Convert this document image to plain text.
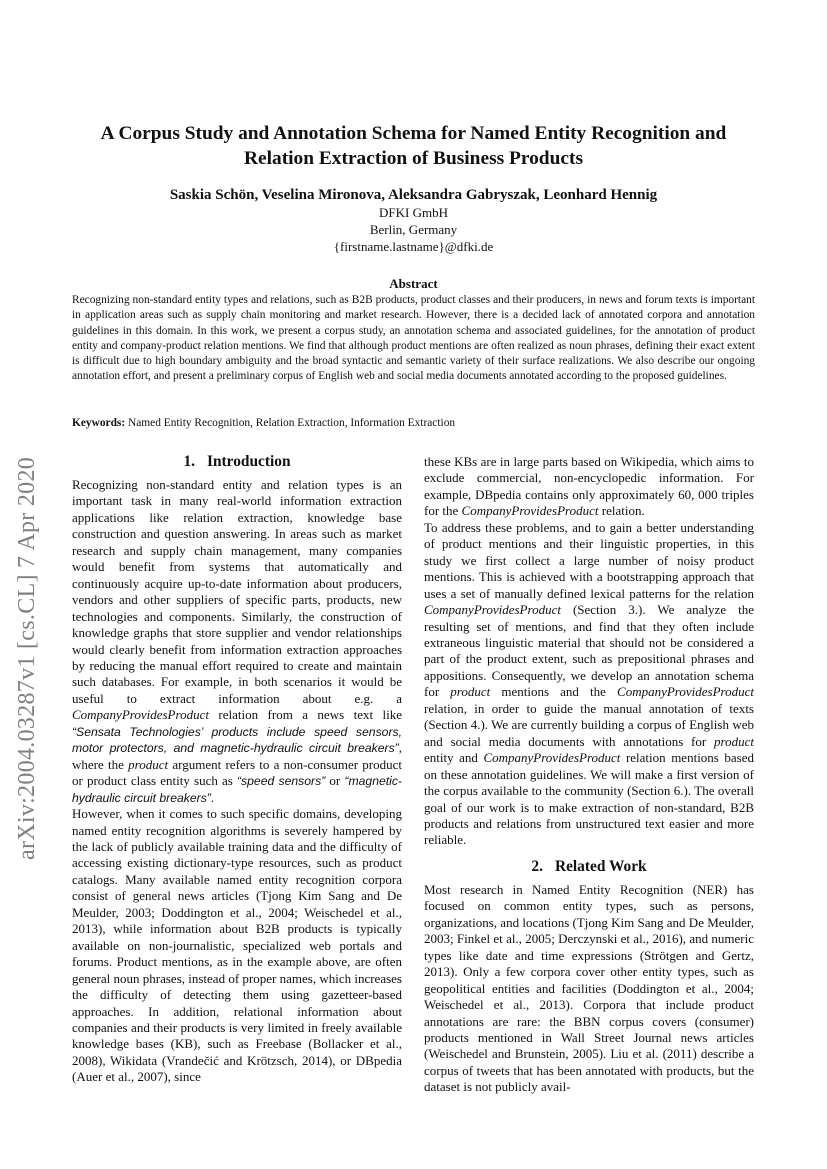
arXiv:2004.03287v1 [cs.CL] 7 Apr 2020
A Corpus Study and Annotation Schema for Named Entity Recognition and
Relation Extraction of Business Products
Saskia Schön, Veselina Mironova, Aleksandra Gabryszak, Leonhard Hennig
DFKI GmbH
Berlin, Germany
{firstname.lastname}@dfki.de
Abstract
Recognizing non-standard entity types and relations, such as B2B products, product classes and their producers, in news and forum texts is important in application areas such as supply chain monitoring and market research. However, there is a decided lack of annotated corpora and annotation guidelines in this domain. In this work, we present a corpus study, an annotation schema and associated guidelines, for the annotation of product entity and company-product relation mentions. We find that although product mentions are often realized as noun phrases, defining their exact extent is difficult due to high boundary ambiguity and the broad syntactic and semantic variety of their surface realizations. We also describe our ongoing annotation effort, and present a preliminary corpus of English web and social media documents annotated according to the proposed guidelines.
Keywords: Named Entity Recognition, Relation Extraction, Information Extraction
1. Introduction

Recognizing non-standard entity and relation types is an important task in many real-world information extraction applications like relation extraction, knowledge base construction and question answering. In areas such as market research and supply chain management, many companies would benefit from systems that automatically and continuously acquire up-to-date information about producers, vendors and other suppliers of specific parts, products, new technologies and components. Similarly, the construction of knowledge graphs that store supplier and vendor relationships would clearly benefit from information extraction approaches by reducing the manual effort required to create and maintain such databases. For example, in both scenarios it would be useful to extract information about e.g. a CompanyProvidesProduct relation from a news text like “Sensata Technologies’ products include speed sensors, motor protectors, and magnetic-hydraulic circuit breakers”, where the product argument refers to a non-consumer product or product class entity such as “speed sensors” or “magnetic-hydraulic circuit breakers”.

However, when it comes to such specific domains, developing named entity recognition algorithms is severely hampered by the lack of publicly available training data and the difficulty of accessing existing dictionary-type resources, such as product catalogs. Many available named entity recognition corpora consist of general news articles (Tjong Kim Sang and De Meulder, 2003; Doddington et al., 2004; Weischedel et al., 2013), while information about B2B products is typically available on non-journalistic, specialized web portals and forums. Product mentions, as in the example above, are often general noun phrases, instead of proper names, which increases the difficulty of detecting them using gazetteer-based approaches. In addition, relational information about companies and their products is very limited in freely available knowledge bases (KB), such as Freebase (Bollacker et al., 2008), Wikidata (Vrandečić and Krötzsch, 2014), or DBpedia (Auer et al., 2007), since

these KBs are in large parts based on Wikipedia, which aims to exclude commercial, non-encyclopedic information. For example, DBpedia contains only approximately 60, 000 triples for the CompanyProvidesProduct relation.

To address these problems, and to gain a better understanding of product mentions and their linguistic properties, in this study we first collect a large number of noisy product mentions. This is achieved with a bootstrapping approach that uses a set of manually defined lexical patterns for the relation CompanyProvidesProduct (Section 3.). We analyze the resulting set of mentions, and find that they often include extraneous linguistic material that should not be considered a part of the product extent, such as prepositional phrases and appositions. Consequently, we develop an annotation schema for product mentions and the CompanyProvidesProduct relation, in order to guide the manual annotation of texts (Section 4.). We are currently building a corpus of English web and social media documents with annotations for product entity and CompanyProvidesProduct relation mentions based on these annotation guidelines. We will make a first version of the corpus available to the community (Section 6.). The overall goal of our work is to make extraction of non-standard, B2B products and relations from unstructured text easier and more reliable.

2. Related Work

Most research in Named Entity Recognition (NER) has focused on common entity types, such as persons, organizations, and locations (Tjong Kim Sang and De Meulder, 2003; Finkel et al., 2005; Derczynski et al., 2016), and numeric types like date and time expressions (Strötgen and Gertz, 2013). Only a few corpora cover other entity types, such as geopolitical entities and facilities (Doddington et al., 2004; Weischedel et al., 2013). Corpora that include product annotations are rare: the BBN corpus covers (consumer) products mentioned in Wall Street Journal news articles (Weischedel and Brunstein, 2005). Liu et al. (2011) describe a corpus of tweets that has been annotated with products, but the dataset is not publicly avail-
